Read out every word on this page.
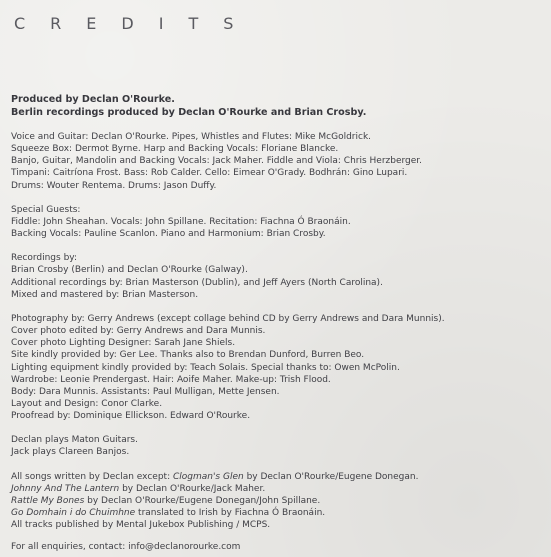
CREDITS

Produced by Declan O'Rourke.

Berlin recordings produced by Declan O'Rourke and Brian Crosby.

Voice and Guitar: Declan O'Rourke. Pipes, Whistles and Flutes: Mike McGoldrick.

Squeeze Box: Dermot Byrne. Harp and Backing Vocals: Floriane Blancke.

Banjo, Guitar, Mandolin and Backing Vocals: Jack Maher. Fiddle and Viola: Chris Herzberger.

Timpani: Caitríona Frost. Bass: Rob Calder. Cello: Eimear O'Grady. Bodhrán: Gino Lupari.

Drums: Wouter Rentema. Drums: Jason Duffy.

Special Guests:

Fiddle: John Sheahan. Vocals: John Spillane. Recitation: Fiachna Ó Braonáin.

Backing Vocals: Pauline Scanlon. Piano and Harmonium: Brian Crosby.

Recordings by:

Brian Crosby (Berlin) and Declan O'Rourke (Galway).

Additional recordings by: Brian Masterson (Dublin), and Jeff Ayers (North Carolina).

Mixed and mastered by: Brian Masterson.

Photography by: Gerry Andrews (except collage behind CD by Gerry Andrews and Dara Munnis).

Cover photo edited by: Gerry Andrews and Dara Munnis.

Cover photo Lighting Designer: Sarah Jane Shiels.

Site kindly provided by: Ger Lee. Thanks also to Brendan Dunford, Burren Beo.

Lighting equipment kindly provided by: Teach Solais. Special thanks to: Owen McPolin.

Wardrobe: Leonie Prendergast. Hair: Aoife Maher. Make-up: Trish Flood.

Body: Dara Munnis. Assistants: Paul Mulligan, Mette Jensen.

Layout and Design: Conor Clarke.

Proofread by: Dominique Ellickson. Edward O'Rourke.

Declan plays Maton Guitars.

Jack plays Clareen Banjos.

All songs written by Declan except: Clogman's Glen by Declan O'Rourke/Eugene Donegan.

Johnny And The Lantern by Declan O'Rourke/Jack Maher.

Rattle My Bones by Declan O'Rourke/Eugene Donegan/John Spillane.

Go Domhain i do Chuimhne translated to Irish by Fiachna Ó Braonáin.

All tracks published by Mental Jukebox Publishing / MCPS.

For all enquiries, contact: info@declanorourke.com
